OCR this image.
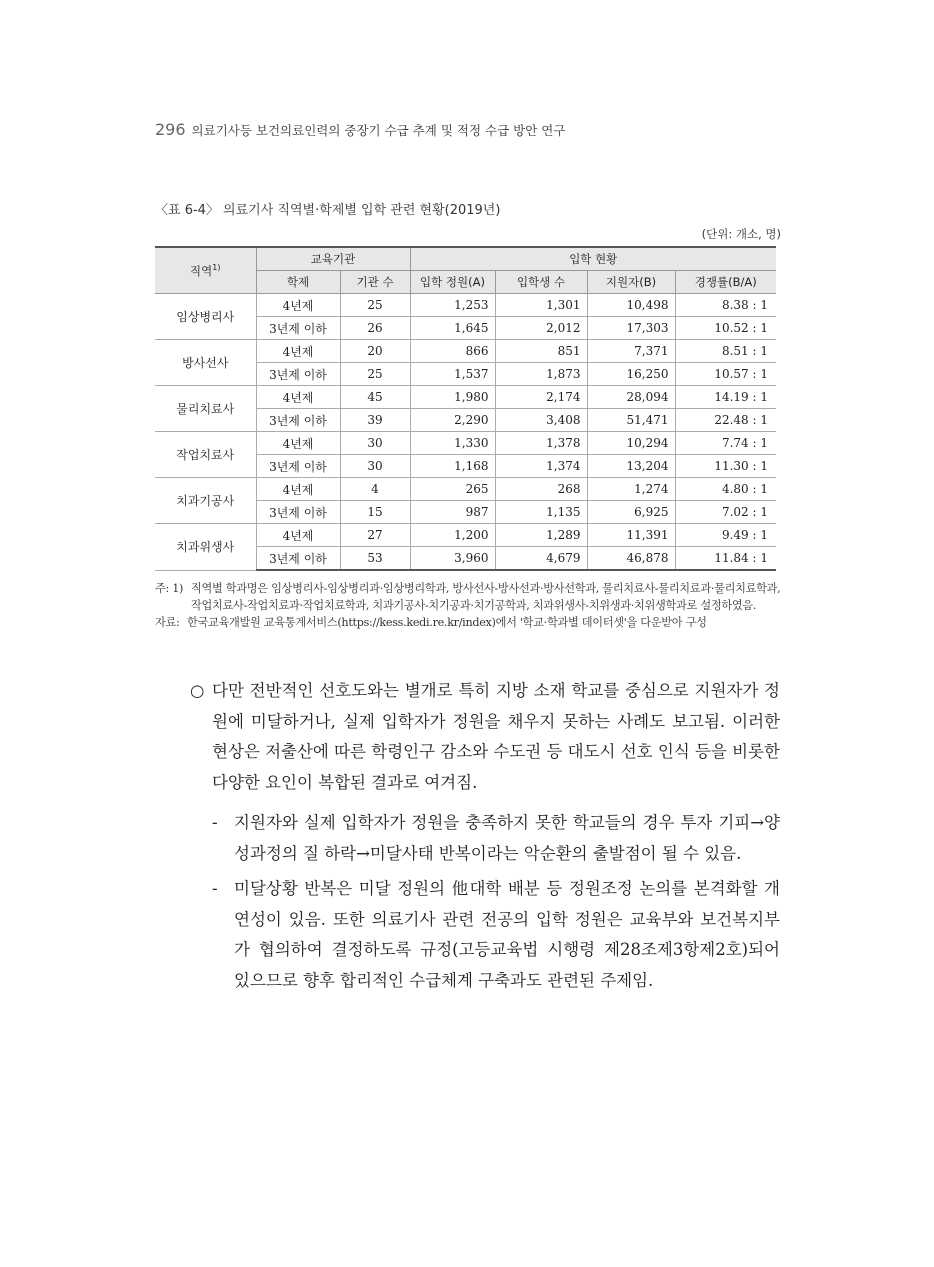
296 의료기사등 보건의료인력의 중장기 수급 추계 및 적정 수급 방안 연구
〈표 6-4〉 의료기사 직역별·학제별 입학 관련 현황(2019년)
(단위: 개소, 명)
직역$^{1)}$	교육기관		입학 현황			
	학제	기관 수	입학 정원(A)	입학생 수	지원자(B)	경쟁률(B/A)
임상병리사	4년제	25	1,253	1,301	10,498	8.38 : 1
	3년제 이하	26	1,645	2,012	17,303	10.52 : 1
방사선사	4년제	20	866	851	7,371	8.51 : 1
	3년제 이하	25	1,537	1,873	16,250	10.57 : 1
물리치료사	4년제	45	1,980	2,174	28,094	14.19 : 1
	3년제 이하	39	2,290	3,408	51,471	22.48 : 1
작업치료사	4년제	30	1,330	1,378	10,294	7.74 : 1
	3년제 이하	30	1,168	1,374	13,204	11.30 : 1
치과기공사	4년제	4	265	268	1,274	4.80 : 1
	3년제 이하	15	987	1,135	6,925	7.02 : 1
치과위생사	4년제	27	1,200	1,289	11,391	9.49 : 1
	3년제 이하	53	3,960	4,679	46,878	11.84 : 1
주: 1) 직역별 학과명은 임상병리사-임상병리과·임상병리학과, 방사선사-방사선과·방사선학과, 물리치료사-물리치료과·물리치료학과, 작업치료사-작업치료과·작업치료학과, 치과기공사-치기공과·치기공학과, 치과위생사-치위생과·치위생학과로 설정하였음.
자료: 한국교육개발원 교육통계서비스(https://kess.kedi.re.kr/index)에서 '학교·학과별 데이터셋'을 다운받아 구성
○ 다만 전반적인 선호도와는 별개로 특히 지방 소재 학교를 중심으로 지원자가 정원에 미달하거나, 실제 입학자가 정원을 채우지 못하는 사례도 보고됨. 이러한 현상은 저출산에 따른 학령인구 감소와 수도권 등 대도시 선호 인식 등을 비롯한 다양한 요인이 복합된 결과로 여겨짐.
- 지원자와 실제 입학자가 정원을 충족하지 못한 학교들의 경우 투자 기피→양성과정의 질 하락→미달사태 반복이라는 악순환의 출발점이 될 수 있음.
- 미달상황 반복은 미달 정원의 他대학 배분 등 정원조정 논의를 본격화할 개연성이 있음. 또한 의료기사 관련 전공의 입학 정원은 교육부와 보건복지부가 협의하여 결정하도록 규정(고등교육법 시행령 제28조제3항제2호)되어 있으므로 향후 합리적인 수급체계 구축과도 관련된 주제임.
